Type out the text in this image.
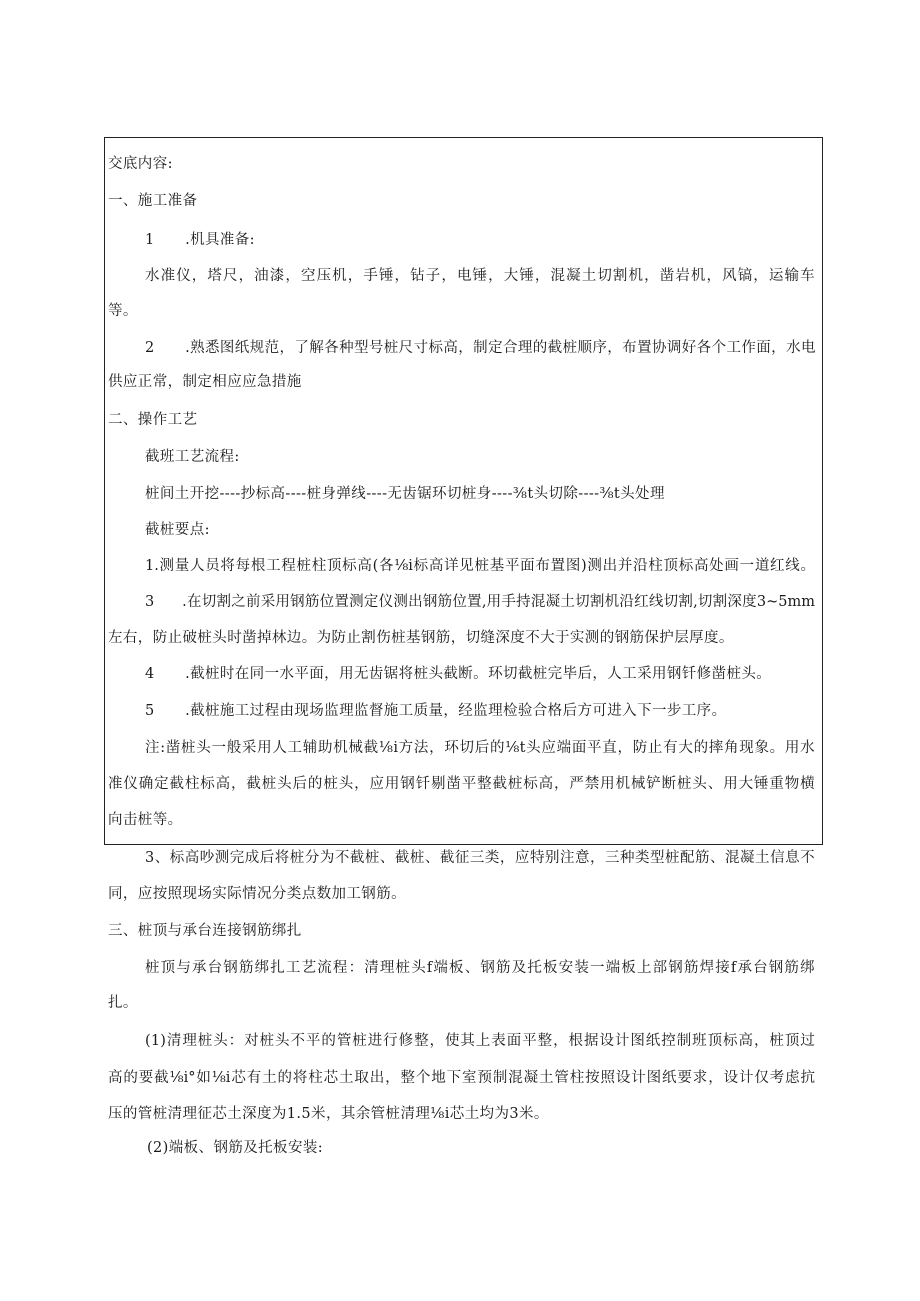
交底内容:
一、施工准备
1	.机具准备:
水准仪，塔尺，油漆，空压机，手锤，钻子，电锤，大锤，混凝土切割机，凿岩机，风镐，运输车
等。
2	.熟悉图纸规范，了解各种型号桩尺寸标高，制定合理的截桩顺序，布置协调好各个工作面，水电
供应正常，制定相应应急措施
二、操作工艺
截班工艺流程:
桩间土开挖----抄标高----桩身弹线----无齿锯环切桩身----⅜t头切除----⅜t头处理
截桩要点:
1.测量人员将每根工程桩柱顶标高(各⅛i标高详见桩基平面布置图)测出并沿柱顶标高处画一道红线。
3	.在切割之前采用钢筋位置测定仪测出钢筋位置,用手持混凝土切割机沿红线切割,切割深度3~5mm
左右，防止破桩头时凿掉林边。为防止割伤桩基钢筋，切缝深度不大于实测的钢筋保护层厚度。
4	.截桩时在同一水平面，用无齿锯将桩头截断。环切截桩完毕后，人工采用钢钎修凿桩头。
5	.截桩施工过程由现场监理监督施工质量，经监理检验合格后方可进入下一步工序。
注:凿桩头一般采用人工辅助机械截⅛i方法，环切后的⅛t头应端面平直，防止有大的摔角现象。用水
准仪确定截柱标高，截桩头后的桩头，应用钢钎剔凿平整截桩标高，严禁用机械铲断桩头、用大锤重物横
向击桩等。
3、标高吵测完成后将桩分为不截桩、截桩、截征三类，应特别注意，三种类型桩配筋、混凝土信息不
同，应按照现场实际情况分类点数加工钢筋。
三、桩顶与承台连接钢筋绑扎
桩顶与承台钢筋绑扎工艺流程：清理桩头f端板、钢筋及托板安装一端板上部钢筋焊接f承台钢筋绑
扎。
(1)清理桩头：对桩头不平的管桩进行修整，使其上表面平整，根据设计图纸控制班顶标高，桩顶过
高的要截⅛i°如⅛i芯有土的将柱芯土取出，整个地下室预制混凝土管柱按照设计图纸要求，设计仅考虑抗
压的管桩清理征芯土深度为1.5米，其余管桩清理⅛i芯土均为3米。
(2)端板、钢筋及托板安装:
